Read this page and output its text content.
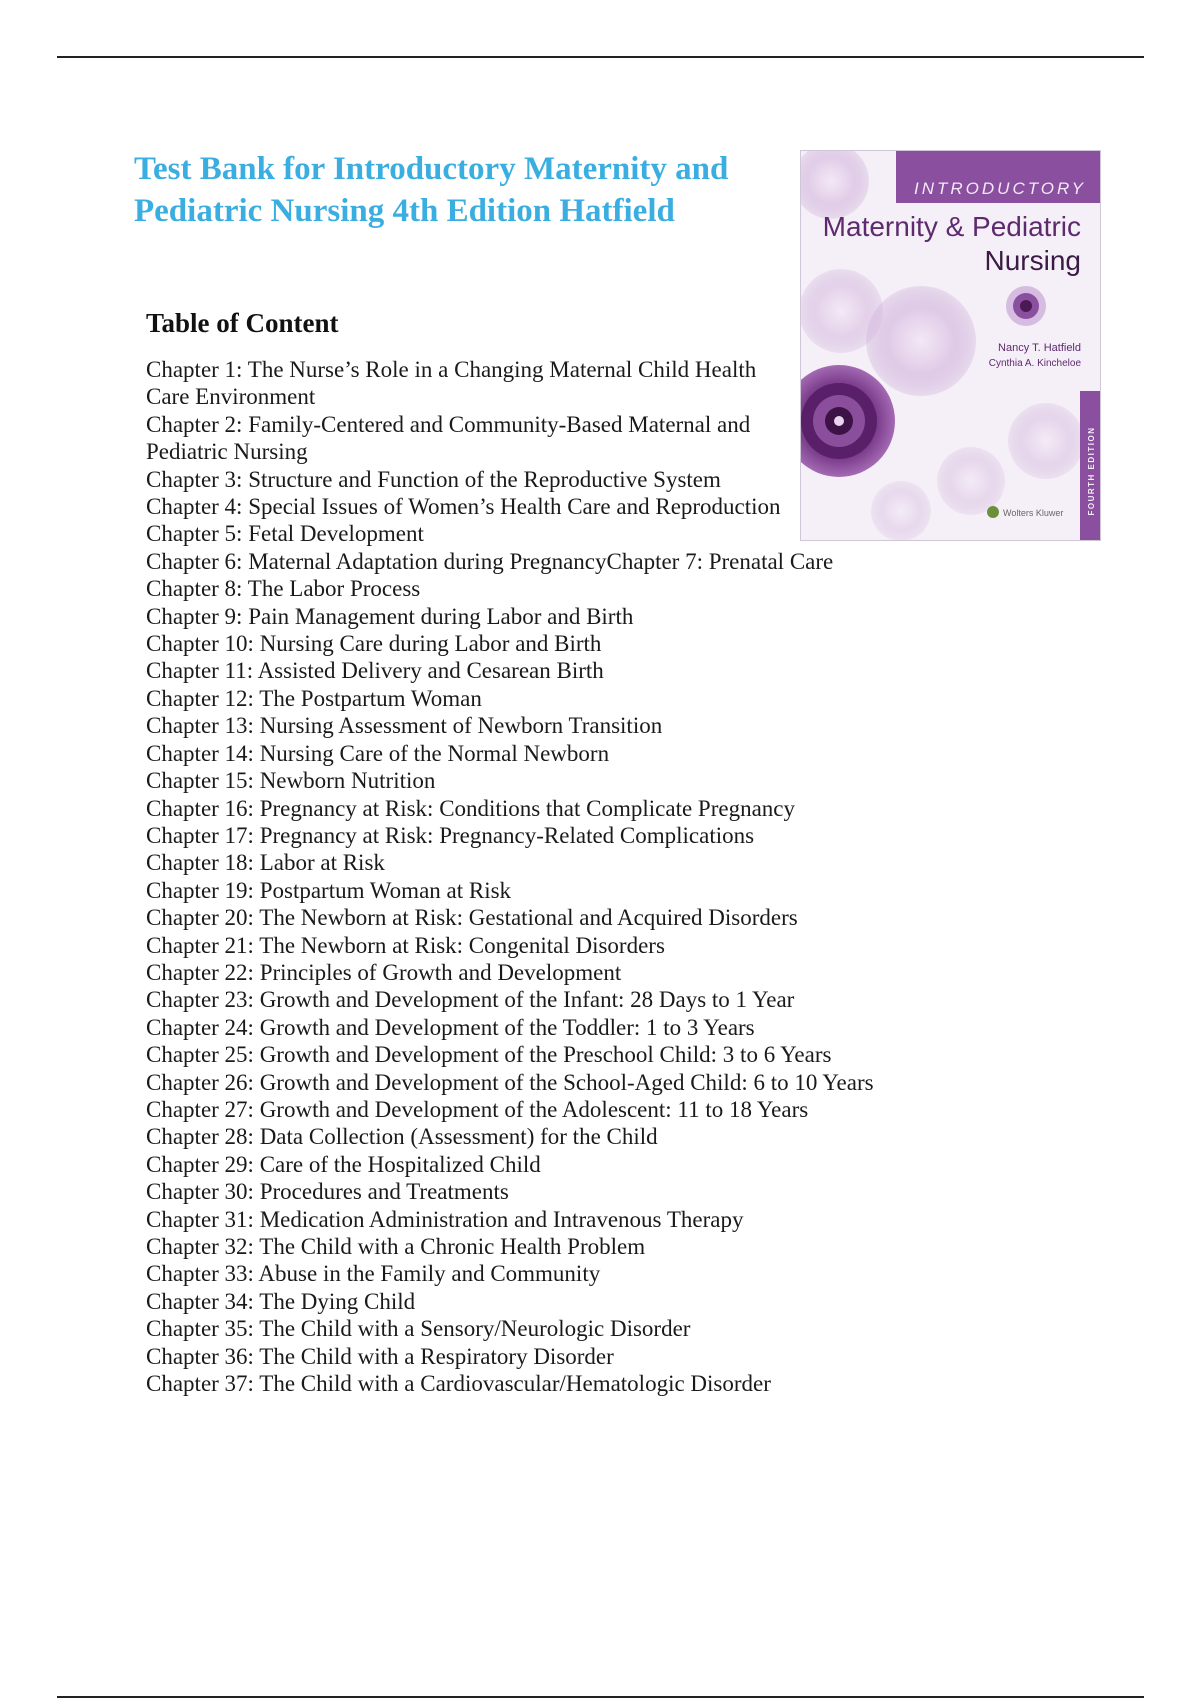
Test Bank for Introductory Maternity and Pediatric Nursing 4th Edition Hatfield
INTRODUCTORY
Maternity & Pediatric
Nursing
Nancy T. Hatfield
Cynthia A. Kincheloe
FOURTH EDITION
Wolters Kluwer
Table of Content
Chapter 1: The Nurse’s Role in a Changing Maternal Child Health Care Environment
Chapter 2: Family-Centered and Community-Based Maternal and Pediatric Nursing
Chapter 3: Structure and Function of the Reproductive System
Chapter 4: Special Issues of Women’s Health Care and Reproduction
Chapter 5: Fetal Development
Chapter 6: Maternal Adaptation during PregnancyChapter 7: Prenatal Care
Chapter 8: The Labor Process
Chapter 9: Pain Management during Labor and Birth
Chapter 10: Nursing Care during Labor and Birth
Chapter 11: Assisted Delivery and Cesarean Birth
Chapter 12: The Postpartum Woman
Chapter 13: Nursing Assessment of Newborn Transition
Chapter 14: Nursing Care of the Normal Newborn
Chapter 15: Newborn Nutrition
Chapter 16: Pregnancy at Risk: Conditions that Complicate Pregnancy
Chapter 17: Pregnancy at Risk: Pregnancy-Related Complications
Chapter 18: Labor at Risk
Chapter 19: Postpartum Woman at Risk
Chapter 20: The Newborn at Risk: Gestational and Acquired Disorders
Chapter 21: The Newborn at Risk: Congenital Disorders
Chapter 22: Principles of Growth and Development
Chapter 23: Growth and Development of the Infant: 28 Days to 1 Year
Chapter 24: Growth and Development of the Toddler: 1 to 3 Years
Chapter 25: Growth and Development of the Preschool Child: 3 to 6 Years
Chapter 26: Growth and Development of the School-Aged Child: 6 to 10 Years
Chapter 27: Growth and Development of the Adolescent: 11 to 18 Years
Chapter 28: Data Collection (Assessment) for the Child
Chapter 29: Care of the Hospitalized Child
Chapter 30: Procedures and Treatments
Chapter 31: Medication Administration and Intravenous Therapy
Chapter 32: The Child with a Chronic Health Problem
Chapter 33: Abuse in the Family and Community
Chapter 34: The Dying Child
Chapter 35: The Child with a Sensory/Neurologic Disorder
Chapter 36: The Child with a Respiratory Disorder
Chapter 37: The Child with a Cardiovascular/Hematologic Disorder
